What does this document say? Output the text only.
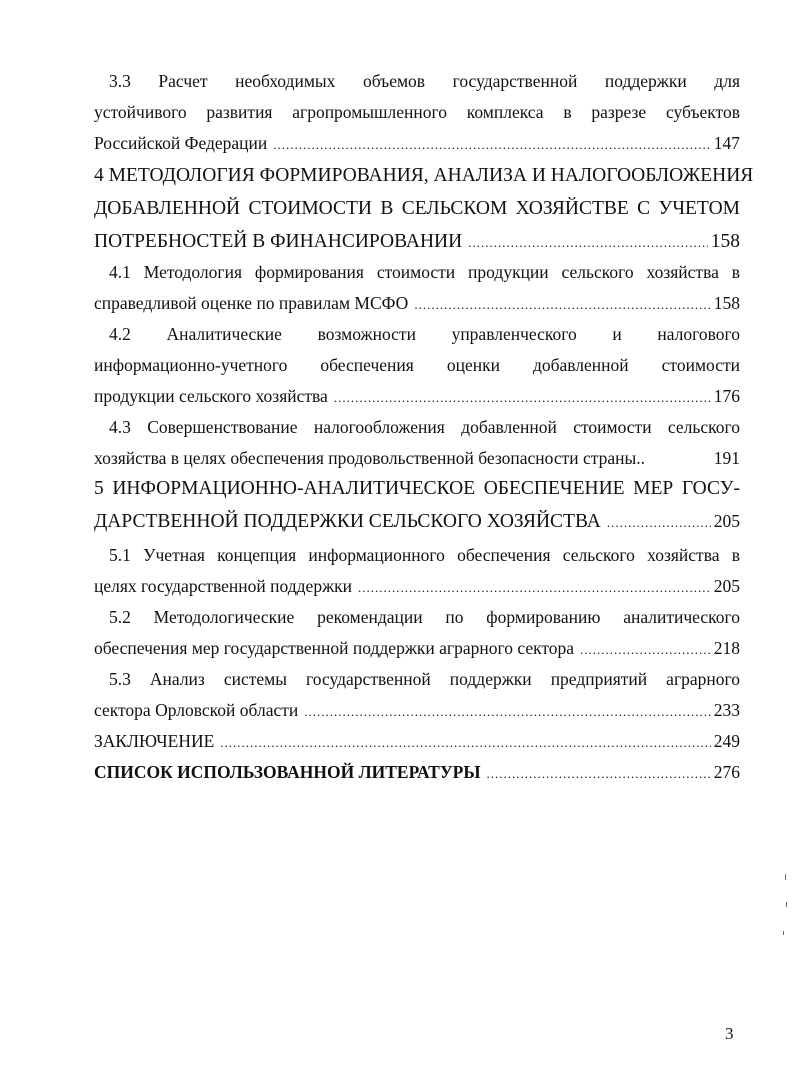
3.3 Расчет необходимых объемов государственной поддержки для
устойчивого развития агропромышленного комплекса в разрезе субъектов
Российской Федерации .....	147
4 МЕТОДОЛОГИЯ ФОРМИРОВАНИЯ, АНАЛИЗА И НАЛОГООБЛОЖЕНИЯ
ДОБАВЛЕННОЙ СТОИМОСТИ В СЕЛЬСКОМ ХОЗЯЙСТВЕ С УЧЕТОМ
ПОТРЕБНОСТЕЙ В ФИНАНСИРОВАНИИ .....	158
4.1 Методология формирования стоимости продукции сельского хозяйства в
справедливой оценке по правилам МСФО .....	158
4.2 Аналитические возможности управленческого и налогового
информационно-учетного обеспечения оценки добавленной стоимости
продукции сельского хозяйства .....	176
4.3 Совершенствование налогообложения добавленной стоимости сельского
хозяйства в целях обеспечения продовольственной безопасности страны..	191
5 ИНФОРМАЦИОННО-АНАЛИТИЧЕСКОЕ ОБЕСПЕЧЕНИЕ МЕР ГОСУ-
ДАРСТВЕННОЙ ПОДДЕРЖКИ СЕЛЬСКОГО ХОЗЯЙСТВА .....	205
5.1 Учетная концепция информационного обеспечения сельского хозяйства в
целях государственной поддержки .....	205
5.2 Методологические рекомендации по формированию аналитического
обеспечения мер государственной поддержки аграрного сектора .....	218
5.3 Анализ системы государственной поддержки предприятий аграрного
сектора Орловской области .....	233
ЗАКЛЮЧЕНИЕ .....	249
СПИСОК ИСПОЛЬЗОВАННОЙ ЛИТЕРАТУРЫ .....	276
3
